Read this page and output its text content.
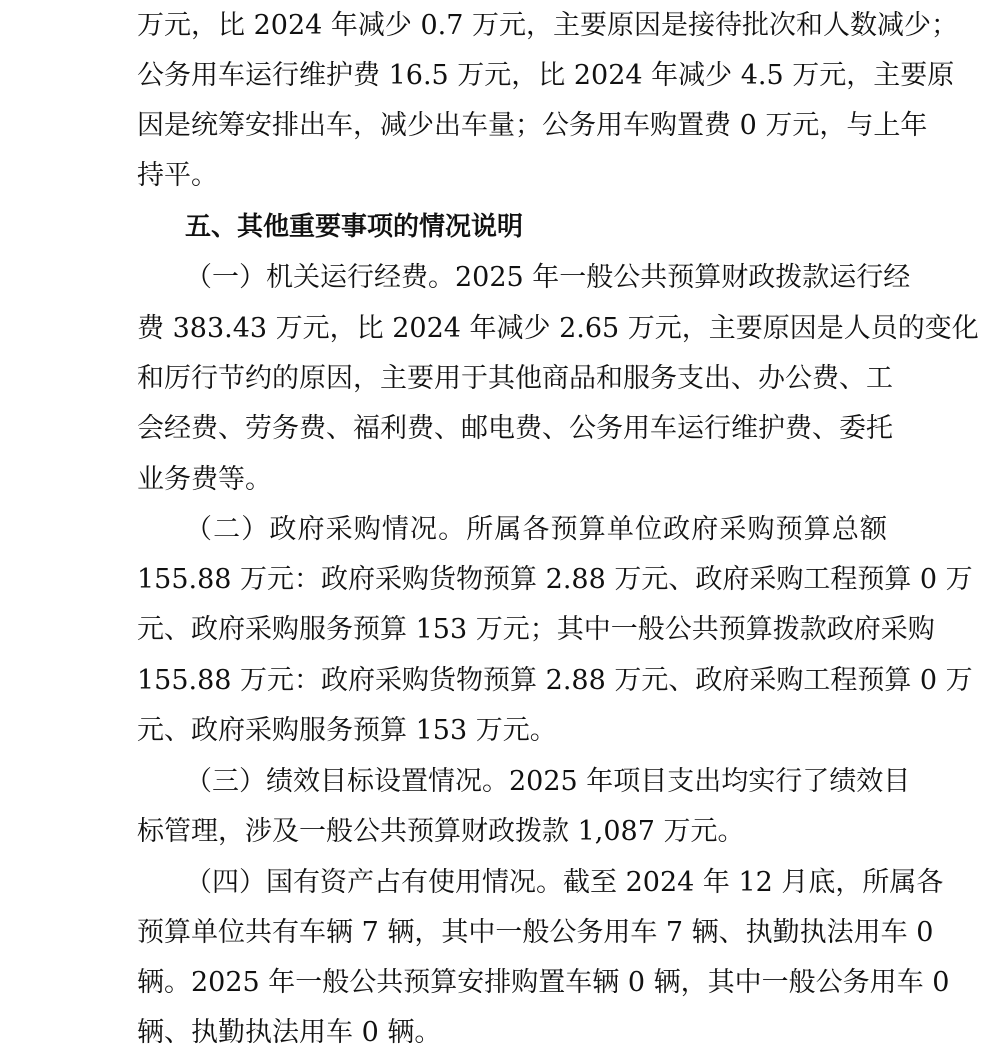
万元，比 2024 年减少 0.7 万元，主要原因是接待批次和人数减少；
公务用车运行维护费 16.5 万元，比 2024 年减少 4.5 万元，主要原
因是统筹安排出车，减少出车量；公务用车购置费 0 万元，与上年
持平。
五、其他重要事项的情况说明
（一）机关运行经费。2025 年一般公共预算财政拨款运行经
费 383.43 万元，比 2024 年减少 2.65 万元，主要原因是人员的变化
和厉行节约的原因，主要用于其他商品和服务支出、办公费、工
会经费、劳务费、福利费、邮电费、公务用车运行维护费、委托
业务费等。
（二）政府采购情况。所属各预算单位政府采购预算总额
155.88 万元：政府采购货物预算 2.88 万元、政府采购工程预算 0 万
元、政府采购服务预算 153 万元；其中一般公共预算拨款政府采购
155.88 万元：政府采购货物预算 2.88 万元、政府采购工程预算 0 万
元、政府采购服务预算 153 万元。
（三）绩效目标设置情况。2025 年项目支出均实行了绩效目
标管理，涉及一般公共预算财政拨款 1,087 万元。
（四）国有资产占有使用情况。截至 2024 年 12 月底，所属各
预算单位共有车辆 7 辆，其中一般公务用车 7 辆、执勤执法用车 0
辆。2025 年一般公共预算安排购置车辆 0 辆，其中一般公务用车 0
辆、执勤执法用车 0 辆。
